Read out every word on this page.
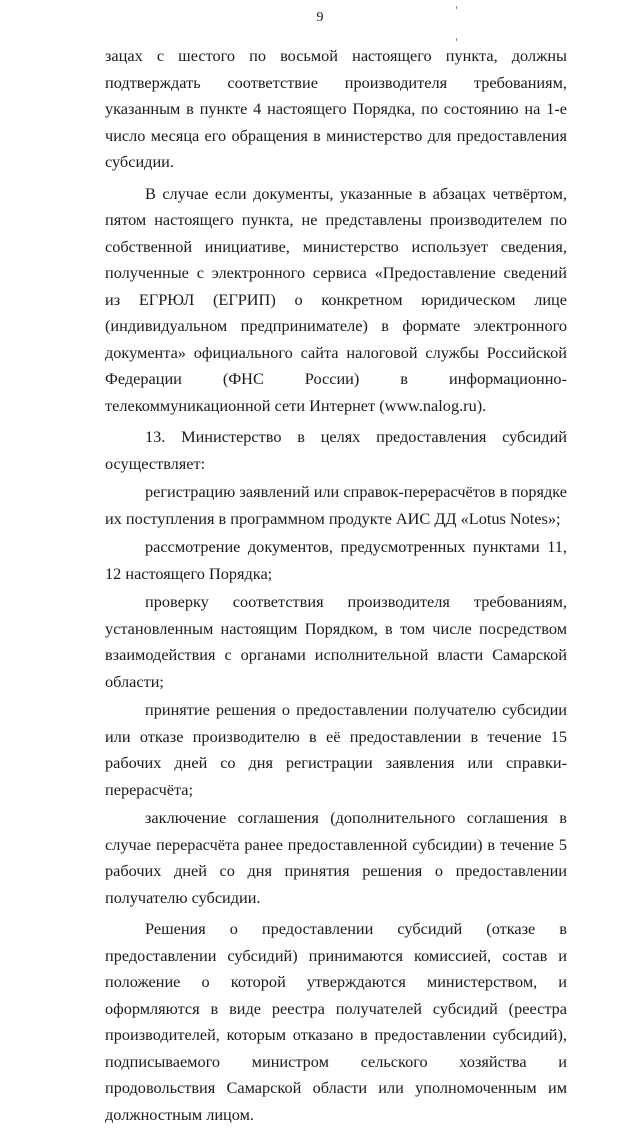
9

зацах с шестого по восьмой настоящего пункта, должны подтверждать соответствие производителя требованиям, указанным в пункте 4 настоящего Порядка, по состоянию на 1-е число месяца его обращения в министерство для предоставления субсидии.

В случае если документы, указанные в абзацах четвёртом, пятом настоящего пункта, не представлены производителем по собственной инициативе, министерство использует сведения, полученные с электронного сервиса «Предоставление сведений из ЕГРЮЛ (ЕГРИП) о конкретном юридическом лице (индивидуальном предпринимателе) в формате электронного документа» официального сайта налоговой службы Российской Федерации (ФНС России) в информационно-телекоммуникационной сети Интернет (www.nalog.ru).

13. Министерство в целях предоставления субсидий осуществляет:

регистрацию заявлений или справок-перерасчётов в порядке их поступления в программном продукте АИС ДД «Lotus Notes»;

рассмотрение документов, предусмотренных пунктами 11, 12 настоящего Порядка;

проверку соответствия производителя требованиям, установленным настоящим Порядком, в том числе посредством взаимодействия с органами исполнительной власти Самарской области;

принятие решения о предоставлении получателю субсидии или отказе производителю в её предоставлении в течение 15 рабочих дней со дня регистрации заявления или справки-перерасчёта;

заключение соглашения (дополнительного соглашения в случае перерасчёта ранее предоставленной субсидии) в течение 5 рабочих дней со дня принятия решения о предоставлении получателю субсидии.

Решения о предоставлении субсидий (отказе в предоставлении субсидий) принимаются комиссией, состав и положение о которой утверждаются министерством, и оформляются в виде реестра получателей субсидий (реестра производителей, которым отказано в предоставлении субсидий), подписываемого министром сельского хозяйства и продовольствия Самарской области или уполномоченным им должностным лицом.
